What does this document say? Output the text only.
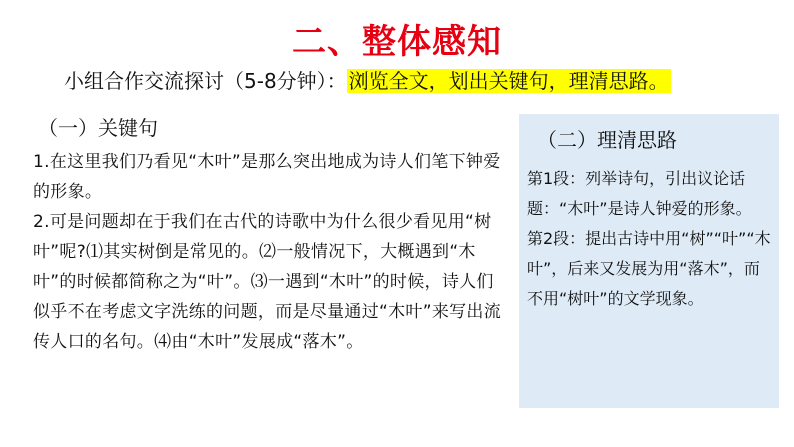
二、整体感知
小组合作交流探讨（5-8分钟）： 浏览全文，划出关键句，理清思路。
（一）关键句

1.在这里我们乃看见“木叶”是那么突出地成为诗人们笔下钟爱的形象。

2.可是问题却在于我们在古代的诗歌中为什么很少看见用“树叶”呢?⑴其实树倒是常见的。⑵一般情况下，大概遇到“木叶”的时候都简称之为“叶”。⑶一遇到“木叶”的时候，诗人们似乎不在考虑文字洗练的问题，而是尽量通过“木叶”来写出流传人口的名句。⑷由“木叶”发展成“落木”。

（二）理清思路

第1段：列举诗句，引出议论话题：“木叶”是诗人钟爱的形象。

第2段：提出古诗中用“树”“叶”“木叶”，后来又发展为用“落木”，而不用“树叶”的文学现象。
